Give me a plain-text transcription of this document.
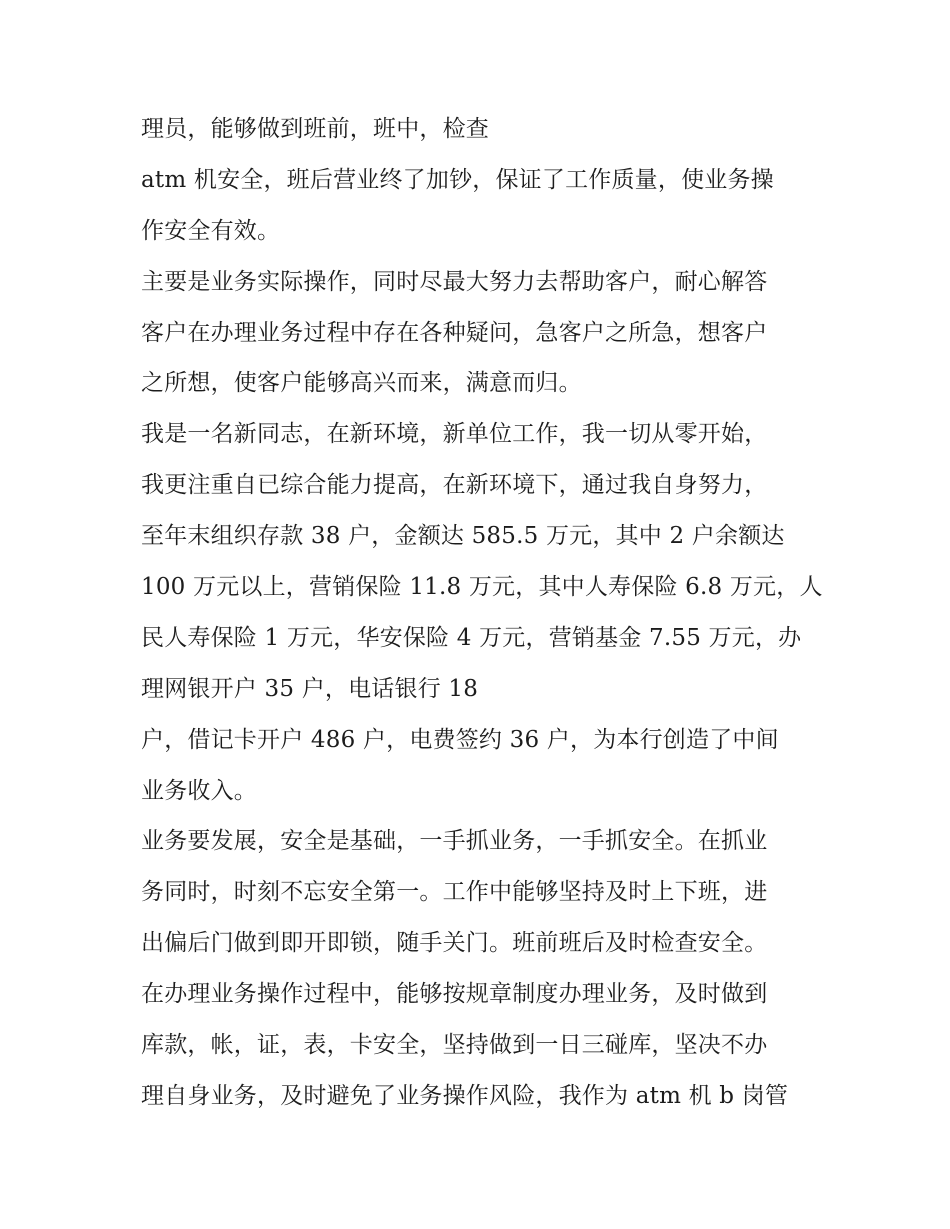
理员，能够做到班前，班中，检查
atm 机安全，班后营业终了加钞，保证了工作质量，使业务操
作安全有效。
主要是业务实际操作，同时尽最大努力去帮助客户，耐心解答
客户在办理业务过程中存在各种疑问，急客户之所急，想客户
之所想，使客户能够高兴而来，满意而归。
我是一名新同志，在新环境，新单位工作，我一切从零开始，
我更注重自已综合能力提高，在新环境下，通过我自身努力，
至年末组织存款 38 户，金额达 585.5 万元，其中 2 户余额达
100 万元以上，营销保险 11.8 万元，其中人寿保险 6.8 万元，人
民人寿保险 1 万元，华安保险 4 万元，营销基金 7.55 万元，办
理网银开户 35 户，电话银行 18
户，借记卡开户 486 户，电费签约 36 户，为本行创造了中间
业务收入。
业务要发展，安全是基础，一手抓业务，一手抓安全。在抓业
务同时，时刻不忘安全第一。工作中能够坚持及时上下班，进
出偏后门做到即开即锁，随手关门。班前班后及时检查安全。
在办理业务操作过程中，能够按规章制度办理业务，及时做到
库款，帐，证，表，卡安全，坚持做到一日三碰库，坚决不办
理自身业务，及时避免了业务操作风险，我作为 atm 机 b 岗管
